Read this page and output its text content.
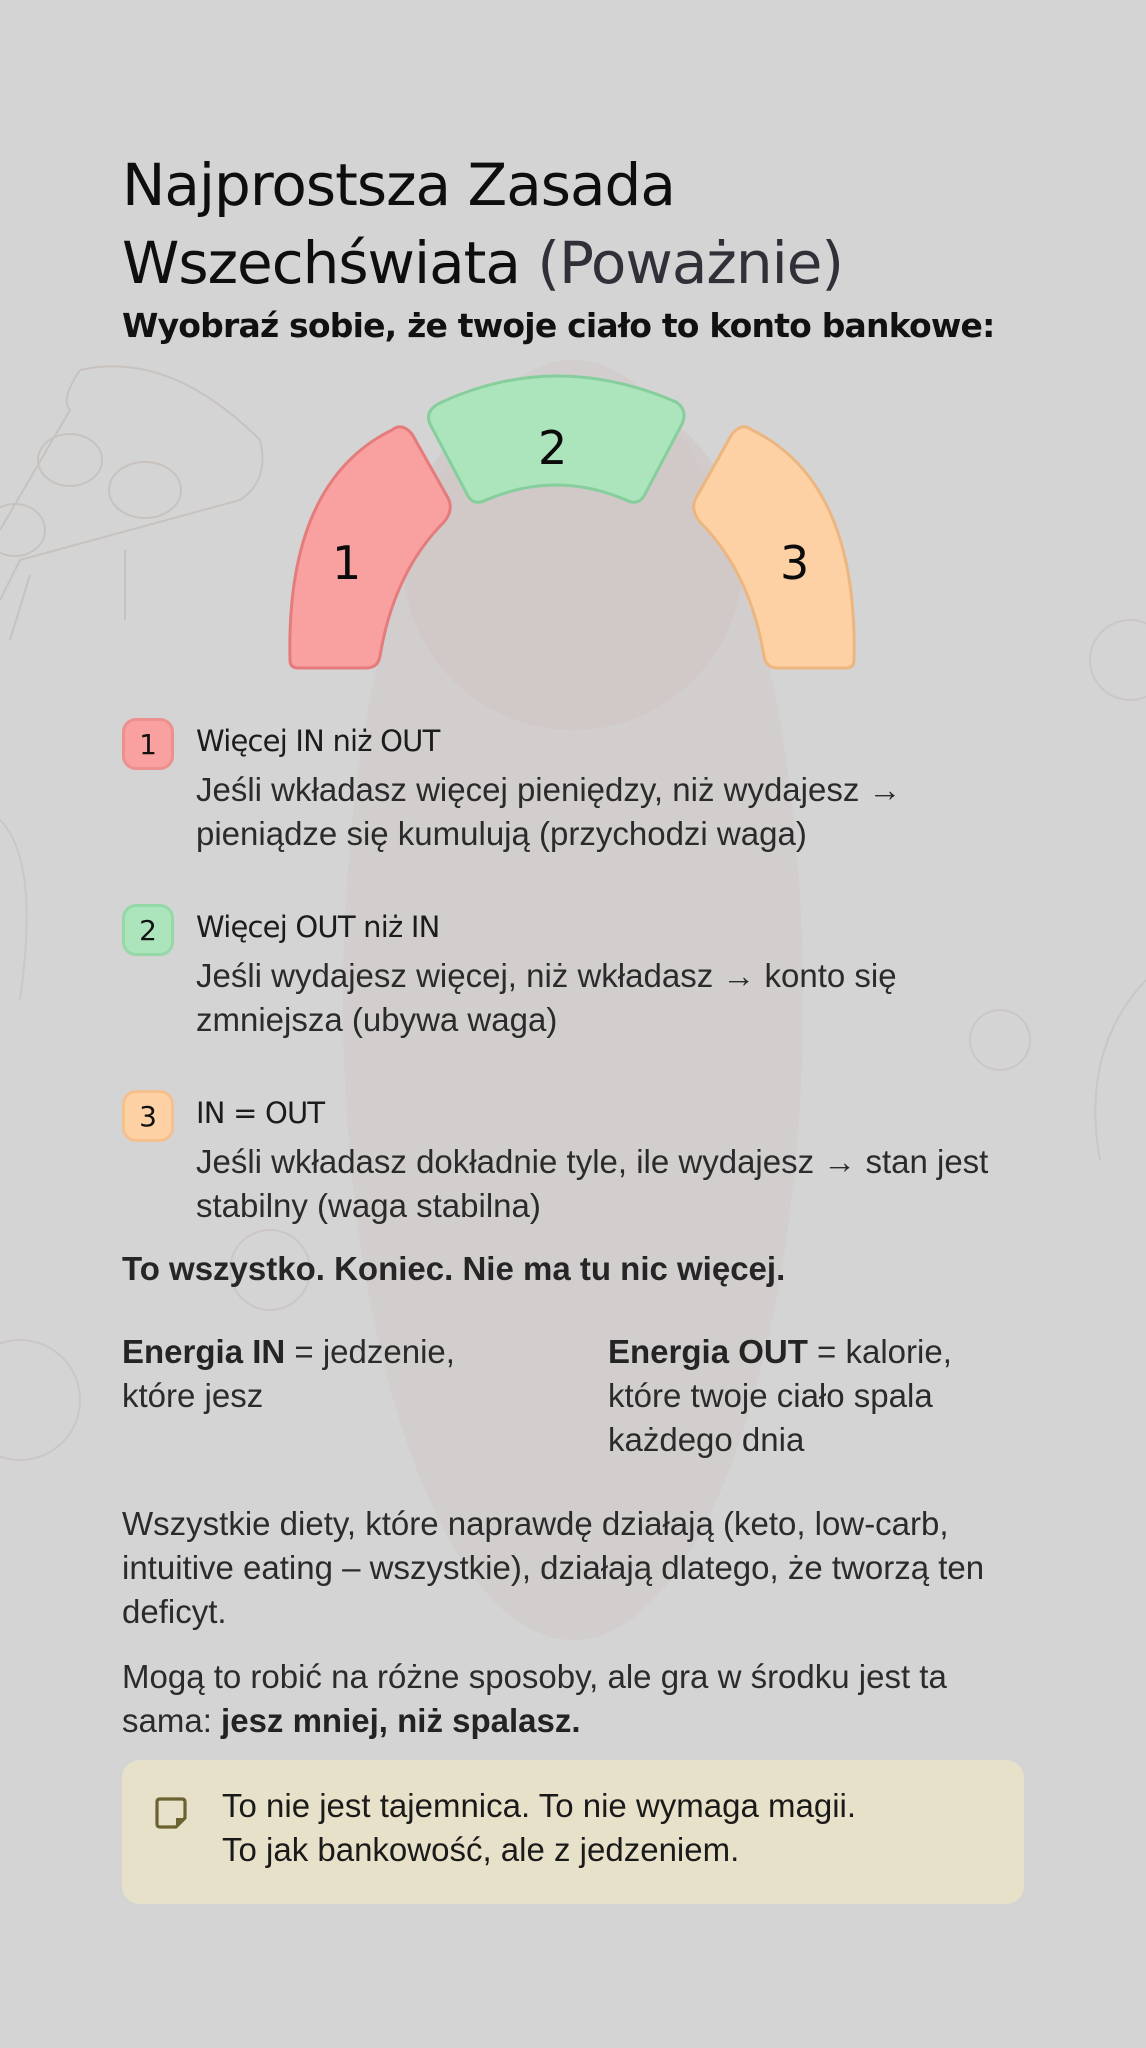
Najprostsza Zasada
Wszechświata (Poważnie)

Wyobraź sobie, że twoje ciało to konto bankowe:

1
2
3
1	Więcej IN niż OUT
Jeśli wkładasz więcej pieniędzy, niż wydajesz → pieniądze się kumulują (przychodzi waga)
2	Więcej OUT niż IN
Jeśli wydajesz więcej, niż wkładasz → konto się zmniejsza (ubywa waga)
3	IN = OUT
Jeśli wkładasz dokładnie tyle, ile wydajesz → stan jest stabilny (waga stabilna)
To wszystko. Koniec. Nie ma tu nic więcej.
Energia IN = jedzenie, które jesz
Energia OUT = kalorie, które twoje ciało spala każdego dnia

Wszystkie diety, które naprawdę działają (keto, low-carb, intuitive eating – wszystkie), działają dlatego, że tworzą ten deficyt.

Mogą to robić na różne sposoby, ale gra w środku jest ta sama: jesz mniej, niż spalasz.

To nie jest tajemnica. To nie wymaga magii.
To jak bankowość, ale z jedzeniem.
